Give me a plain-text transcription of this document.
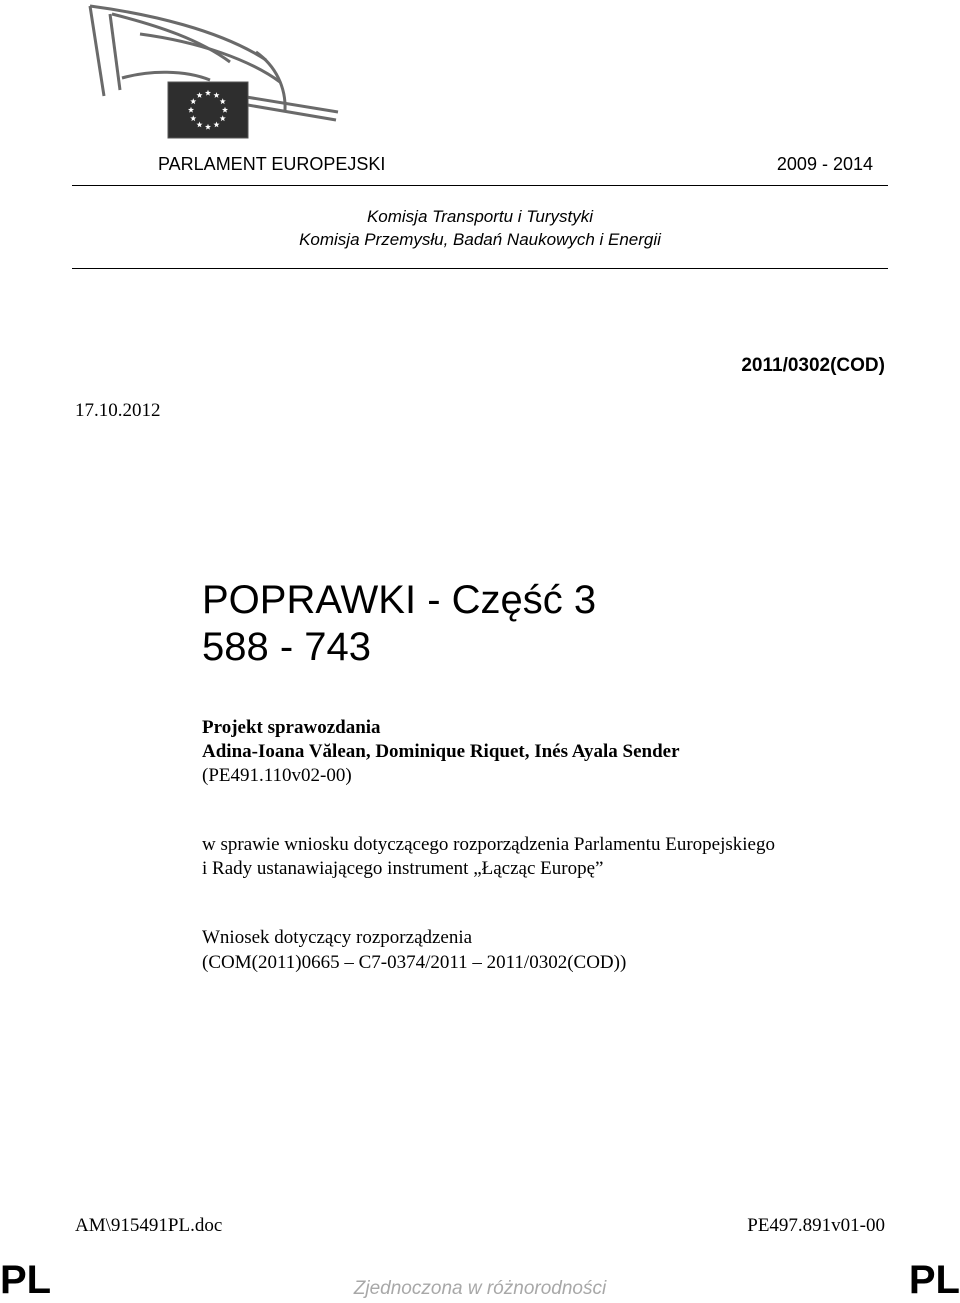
PARLAMENT EUROPEJSKI	2009 - 2014
Komisja Transportu i Turystyki
Komisja Przemysłu, Badań Naukowych i Energii
2011/0302(COD)
17.10.2012
POPRAWKI - Część 3
588 - 743
Projekt sprawozdania
Adina-Ioana Vălean, Dominique Riquet, Inés Ayala Sender
(PE491.110v02-00)
w sprawie wniosku dotyczącego rozporządzenia Parlamentu Europejskiego
i Rady ustanawiającego instrument „Łącząc Europę”
Wniosek dotyczący rozporządzenia
(COM(2011)0665 – C7-0374/2011 – 2011/0302(COD))
AM\915491PL.doc	PE497.891v01-00
PL	Zjednoczona w różnorodności	PL
